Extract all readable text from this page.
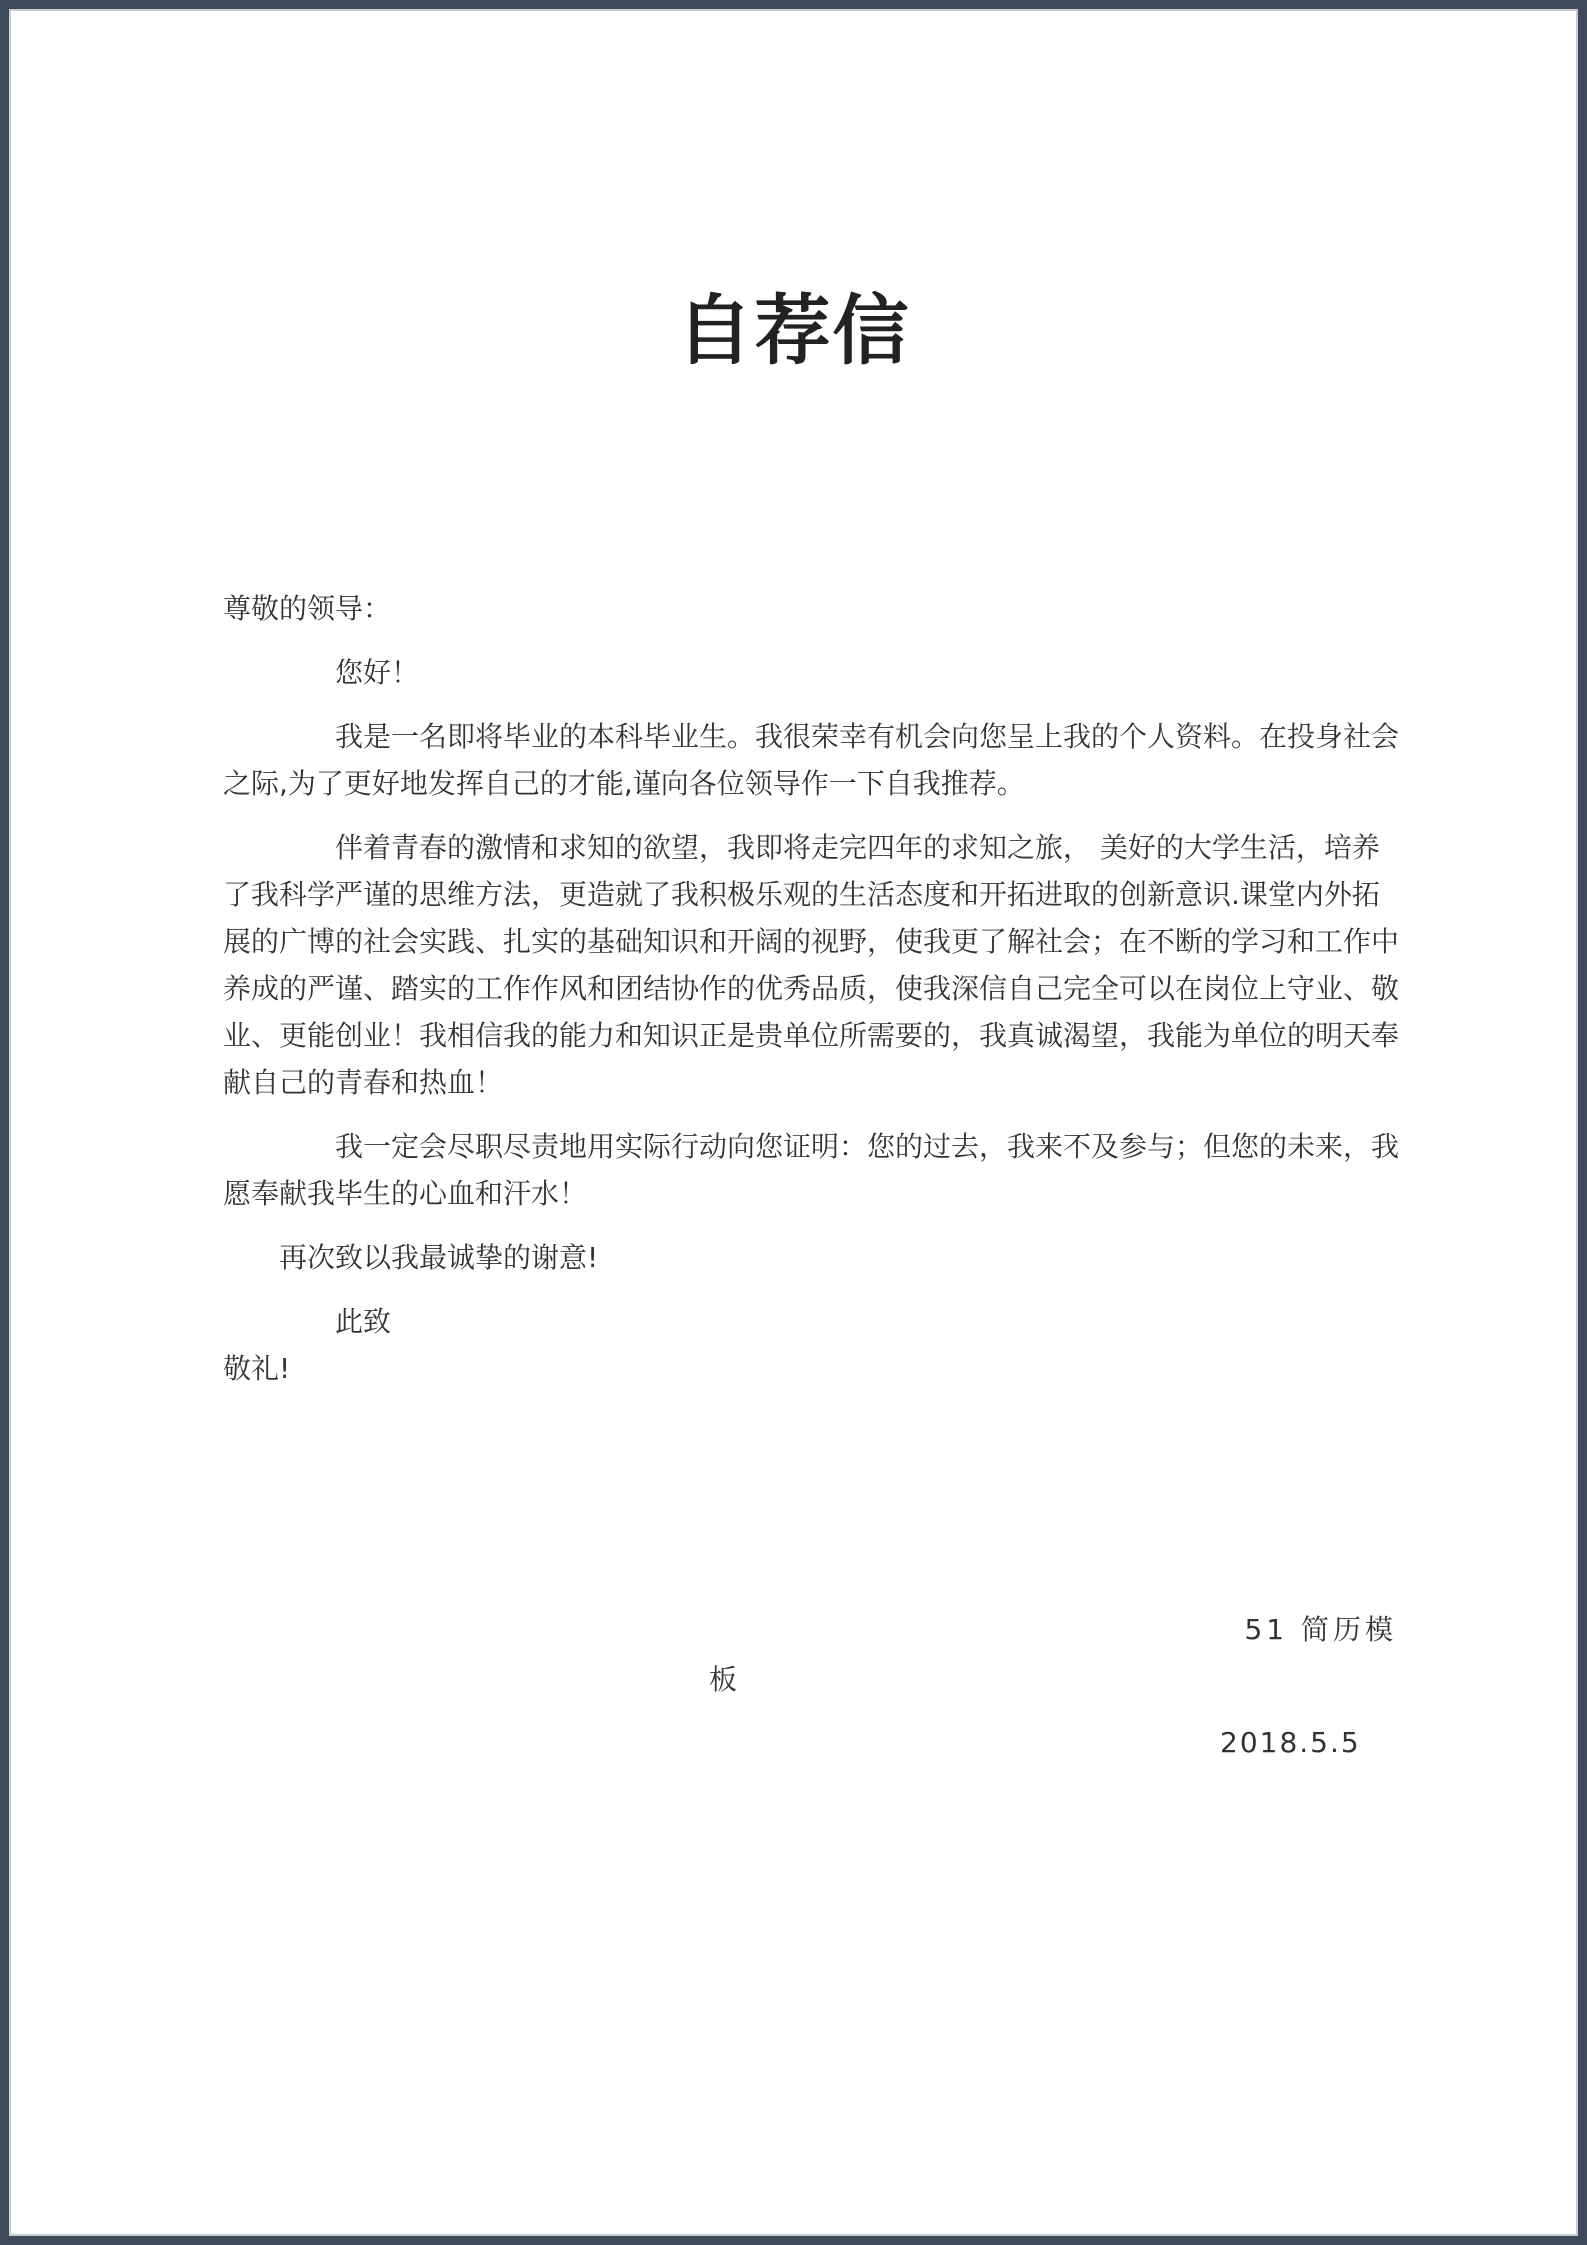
自荐信

尊敬的领导：

您好！

我是一名即将毕业的本科毕业生。我很荣幸有机会向您呈上我的个人资料。在投身社会之际,为了更好地发挥自己的才能,谨向各位领导作一下自我推荐。

伴着青春的激情和求知的欲望，我即将走完四年的求知之旅， 美好的大学生活，培养了我科学严谨的思维方法，更造就了我积极乐观的生活态度和开拓进取的创新意识.课堂内外拓展的广博的社会实践、扎实的基础知识和开阔的视野，使我更了解社会；在不断的学习和工作中养成的严谨、踏实的工作作风和团结协作的优秀品质，使我深信自己完全可以在岗位上守业、敬业、更能创业！我相信我的能力和知识正是贵单位所需要的，我真诚渴望，我能为单位的明天奉献自己的青春和热血！

我一定会尽职尽责地用实际行动向您证明：您的过去，我来不及参与；但您的未来，我愿奉献我毕生的心血和汗水！

再次致以我最诚挚的谢意!

此致

敬礼!

51 简历模
板
2018.5.5
